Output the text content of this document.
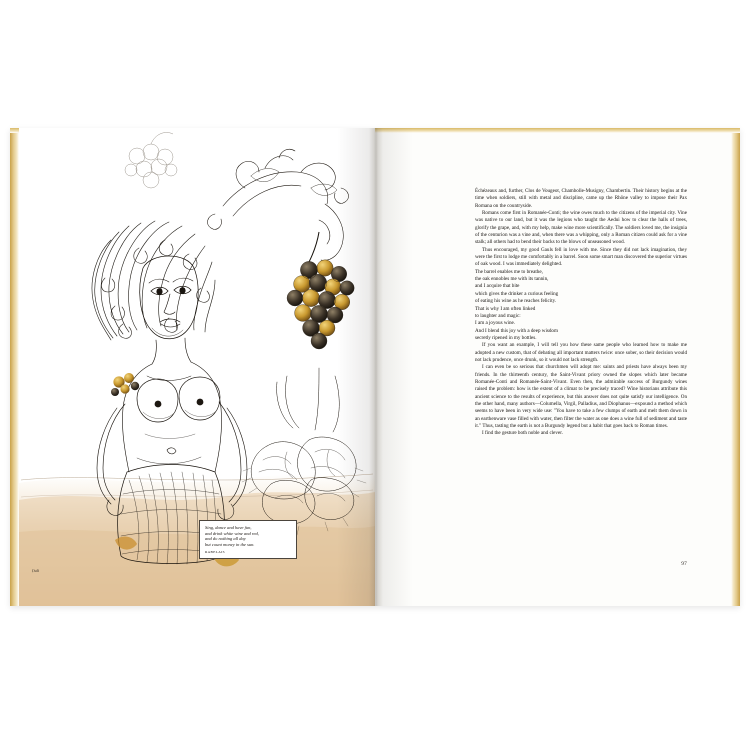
Sing, dance and have fun,
and drink white wine and red,
and do nothing all day
but count money in the sun.
RABELAIS
Dalí

Échézeaux and, further, Clos de Vougeot, Chambolle-Musigny, Chambertin. Their history begins at the time when soldiers, still with metal and discipline, came up the Rhône valley to impose their Pax Romana on the countryside.

Romans come first in Romanée-Conti; the wine owes much to the citizens of the imperial city. Vine was native to our land, but it was the legions who taught the Aedui how to clear the halls of trees, glorify the grape, and, with my help, make wine more scientifically. The soldiers loved me, the insignia of the centurion was a vine and, when there was a whipping, only a Roman citizen could ask for a vine stalk; all others had to bend their backs to the blows of unseasoned wood.

Thus encouraged, my good Gauls fell in love with me. Since they did not lack imagination, they were the first to lodge me comfortably in a barrel. Soon some smart man discovered the superior virtues of oak wood. I was immediately delighted.

The barrel enables me to breathe,

the oak ennobles me with its tannin,

and I acquire that bite

which gives the drinker a curious feeling

of eating his wine as he reaches felicity.

That is why I am often linked

to laughter and magic:

I am a joyous wine.

And I blend this joy with a deep wisdom

secretly ripened in my bottles.

If you want an example, I will tell you how these same people who learned how to make me adopted a new custom, that of debating all important matters twice: once sober, so their decision would not lack prudence, once drunk, so it would not lack strength.

I can even be so serious that churchmen will adopt me: saints and priests have always been my friends. In the thirteenth century, the Saint-Vivant priory owned the slopes which later became Romanée-Conti and Romanée-Saint-Vivant. Even then, the admirable success of Burgundy wines raised the problem: how is the extent of a climat to be precisely traced? Wine historians attribute this ancient science to the results of experience, but this answer does not quite satisfy our intelligence. On the other hand, many authors—Columella, Virgil, Palladius, and Diophanus—expound a method which seems to have been in very wide use: "You have to take a few clumps of earth and melt them down in an earthenware vase filled with water, then filter the water as one does a wine full of sediment and taste it." Thus, tasting the earth is not a Burgundy legend but a habit that goes back to Roman times.

I find the gesture both noble and clever.

97
